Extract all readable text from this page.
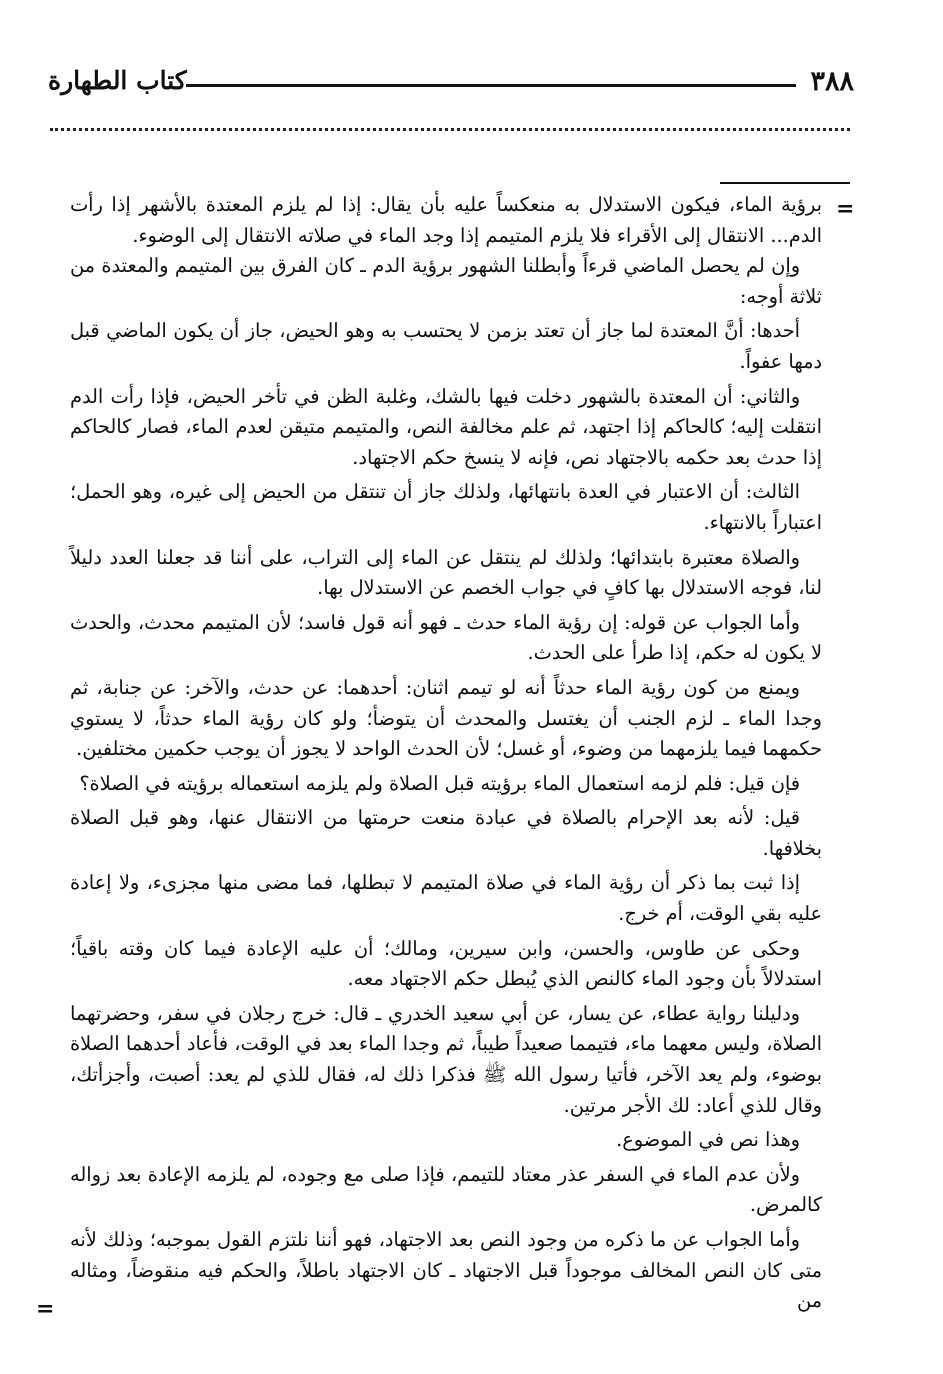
٣٨٨
كتاب الطهارة
=
=

برؤية الماء، فيكون الاستدلال به منعكساً عليه بأن يقال: إذا لم يلزم المعتدة بالأشهر إذا رأت الدم... الانتقال إلى الأقراء فلا يلزم المتيمم إذا وجد الماء في صلاته الانتقال إلى الوضوء.

وإن لم يحصل الماضي قرءاً وأبطلنا الشهور برؤية الدم ـ كان الفرق بين المتيمم والمعتدة من ثلاثة أوجه:

أحدها: أنَّ المعتدة لما جاز أن تعتد بزمن لا يحتسب به وهو الحيض، جاز أن يكون الماضي قبل دمها عفواً.

والثاني: أن المعتدة بالشهور دخلت فيها بالشك، وغلبة الظن في تأخر الحيض، فإذا رأت الدم انتقلت إليه؛ كالحاكم إذا اجتهد، ثم علم مخالفة النص، والمتيمم متيقن لعدم الماء، فصار كالحاكم إذا حدث بعد حكمه بالاجتهاد نص، فإنه لا ينسخ حكم الاجتهاد.

الثالث: أن الاعتبار في العدة بانتهائها، ولذلك جاز أن تنتقل من الحيض إلى غيره، وهو الحمل؛ اعتباراً بالانتهاء.

والصلاة معتبرة بابتدائها؛ ولذلك لم ينتقل عن الماء إلى التراب، على أننا قد جعلنا العدد دليلاً لنا، فوجه الاستدلال بها كافٍ في جواب الخصم عن الاستدلال بها.

وأما الجواب عن قوله: إن رؤية الماء حدث ـ فهو أنه قول فاسد؛ لأن المتيمم محدث، والحدث لا يكون له حكم، إذا طرأ على الحدث.

ويمنع من كون رؤية الماء حدثاً أنه لو تيمم اثنان: أحدهما: عن حدث، والآخر: عن جنابة، ثم وجدا الماء ـ لزم الجنب أن يغتسل والمحدث أن يتوضأ؛ ولو كان رؤية الماء حدثاً، لا يستوي حكمهما فيما يلزمهما من وضوء، أو غسل؛ لأن الحدث الواحد لا يجوز أن يوجب حكمين مختلفين.

فإن قيل: فلم لزمه استعمال الماء برؤيته قبل الصلاة ولم يلزمه استعماله برؤيته في الصلاة؟

قيل: لأنه بعد الإحرام بالصلاة في عبادة منعت حرمتها من الانتقال عنها، وهو قبل الصلاة بخلافها.

إذا ثبت بما ذكر أن رؤية الماء في صلاة المتيمم لا تبطلها، فما مضى منها مجزىء، ولا إعادة عليه بقي الوقت، أم خرج.

وحكى عن طاوس، والحسن، وابن سيرين، ومالك؛ أن عليه الإعادة فيما كان وقته باقياً؛ استدلالاً بأن وجود الماء كالنص الذي يُبطل حكم الاجتهاد معه.

ودليلنا رواية عطاء، عن يسار، عن أبي سعيد الخدري ـ قال: خرج رجلان في سفر، وحضرتهما الصلاة، وليس معهما ماء، فتيمما صعيداً طيباً، ثم وجدا الماء بعد في الوقت، فأعاد أحدهما الصلاة بوضوء، ولم يعد الآخر، فأتيا رسول الله ﷺ فذكرا ذلك له، فقال للذي لم يعد: أصبت، وأجزأتك، وقال للذي أعاد: لك الأجر مرتين.

وهذا نص في الموضوع.

ولأن عدم الماء في السفر عذر معتاد للتيمم، فإذا صلى مع وجوده، لم يلزمه الإعادة بعد زواله كالمرض.

وأما الجواب عن ما ذكره من وجود النص بعد الاجتهاد، فهو أننا نلتزم القول بموجبه؛ وذلك لأنه متى كان النص المخالف موجوداً قبل الاجتهاد ـ كان الاجتهاد باطلاً، والحكم فيه منقوضاً، ومثاله من
